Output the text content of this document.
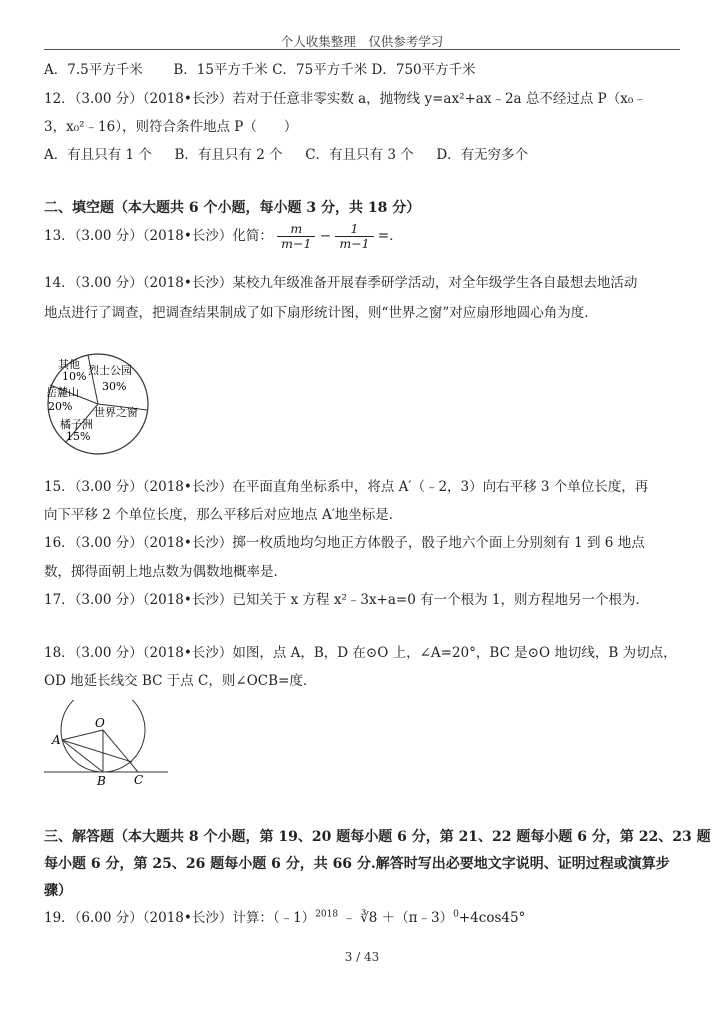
个人收集整理　仅供参考学习
A．7.5平方千米 B．15平方千米 C．75平方千米 D．750平方千米
12．（3.00 分）（2018•长沙）若对于任意非零实数 a，抛物线 y=ax²+ax﹣2a 总不经过点 P（x₀﹣
3，x₀²﹣16），则符合条件地点 P（　　）
A．有且只有 1 个 B．有且只有 2 个 C．有且只有 3 个 D．有无穷多个
二、填空题（本大题共 6 个小题，每小题 3 分，共 18 分）
13．（3.00 分）（2018•长沙）化简： $\frac{m}{m-1} - \frac{1}{m-1}$ =．
14．（3.00 分）（2018•长沙）某校九年级准备开展春季研学活动，对全年级学生各自最想去地活动
地点进行了调查，把调查结果制成了如下扇形统计图，则“世界之窗”对应扇形地圆心角为度．
其他
10% 烈士公园
30%
岳麓山
20% 世界之窗
橘子洲
15%
15．（3.00 分）（2018•长沙）在平面直角坐标系中，将点 A′（﹣2，3）向右平移 3 个单位长度，再
向下平移 2 个单位长度，那么平移后对应地点 A′地坐标是．
16．（3.00 分）（2018•长沙）掷一枚质地均匀地正方体骰子，骰子地六个面上分别刻有 1 到 6 地点
数，掷得面朝上地点数为偶数地概率是．
17．（3.00 分）（2018•长沙）已知关于 x 方程 x²﹣3x+a=0 有一个根为 1，则方程地另一个根为．
18．（3.00 分）（2018•长沙）如图，点 A，B，D 在⊙O 上，∠A=20°，BC 是⊙O 地切线，B 为切点，
OD 地延长线交 BC 于点 C，则∠OCB=度．
O
A
B C
三、解答题（本大题共 8 个小题，第 19、20 题每小题 6 分，第 21、22 题每小题 6 分，第 22、23 题
每小题 6 分，第 25、26 题每小题 6 分，共 66 分.解答时写出必要地文字说明、证明过程或演算步
骤）
19．（6.00 分）（2018•长沙）计算：（﹣1）$^{2018}$ ﹣ ∛8 ＋（π﹣3）$^0$+4cos45°
3 / 43
